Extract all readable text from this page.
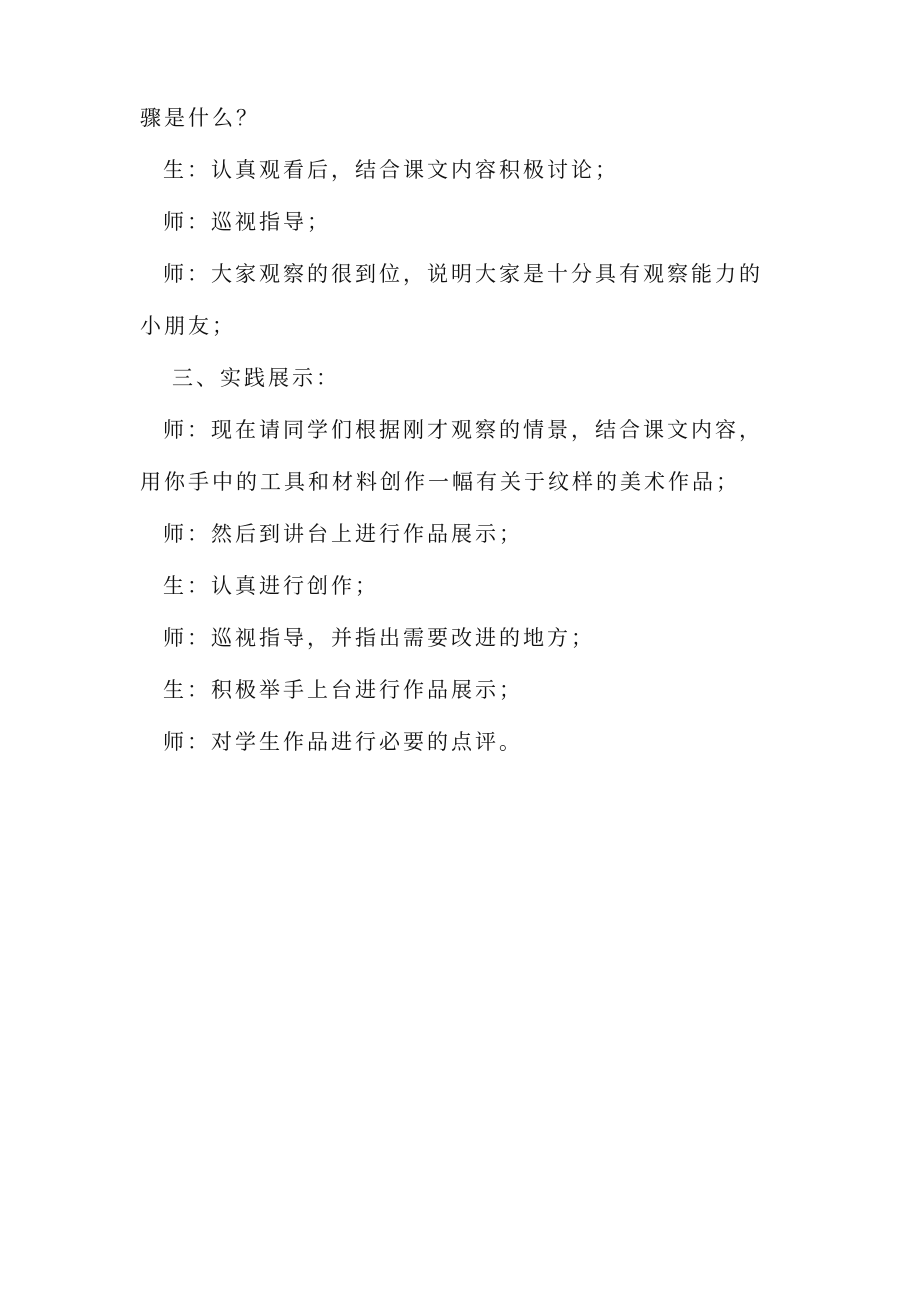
骤是什么？
生：认真观看后，结合课文内容积极讨论；
师：巡视指导；
师：大家观察的很到位，说明大家是十分具有观察能力的
小朋友；
三、实践展示：
师：现在请同学们根据刚才观察的情景，结合课文内容，
用你手中的工具和材料创作一幅有关于纹样的美术作品；
师：然后到讲台上进行作品展示；
生：认真进行创作；
师：巡视指导，并指出需要改进的地方；
生：积极举手上台进行作品展示；
师：对学生作品进行必要的点评。
